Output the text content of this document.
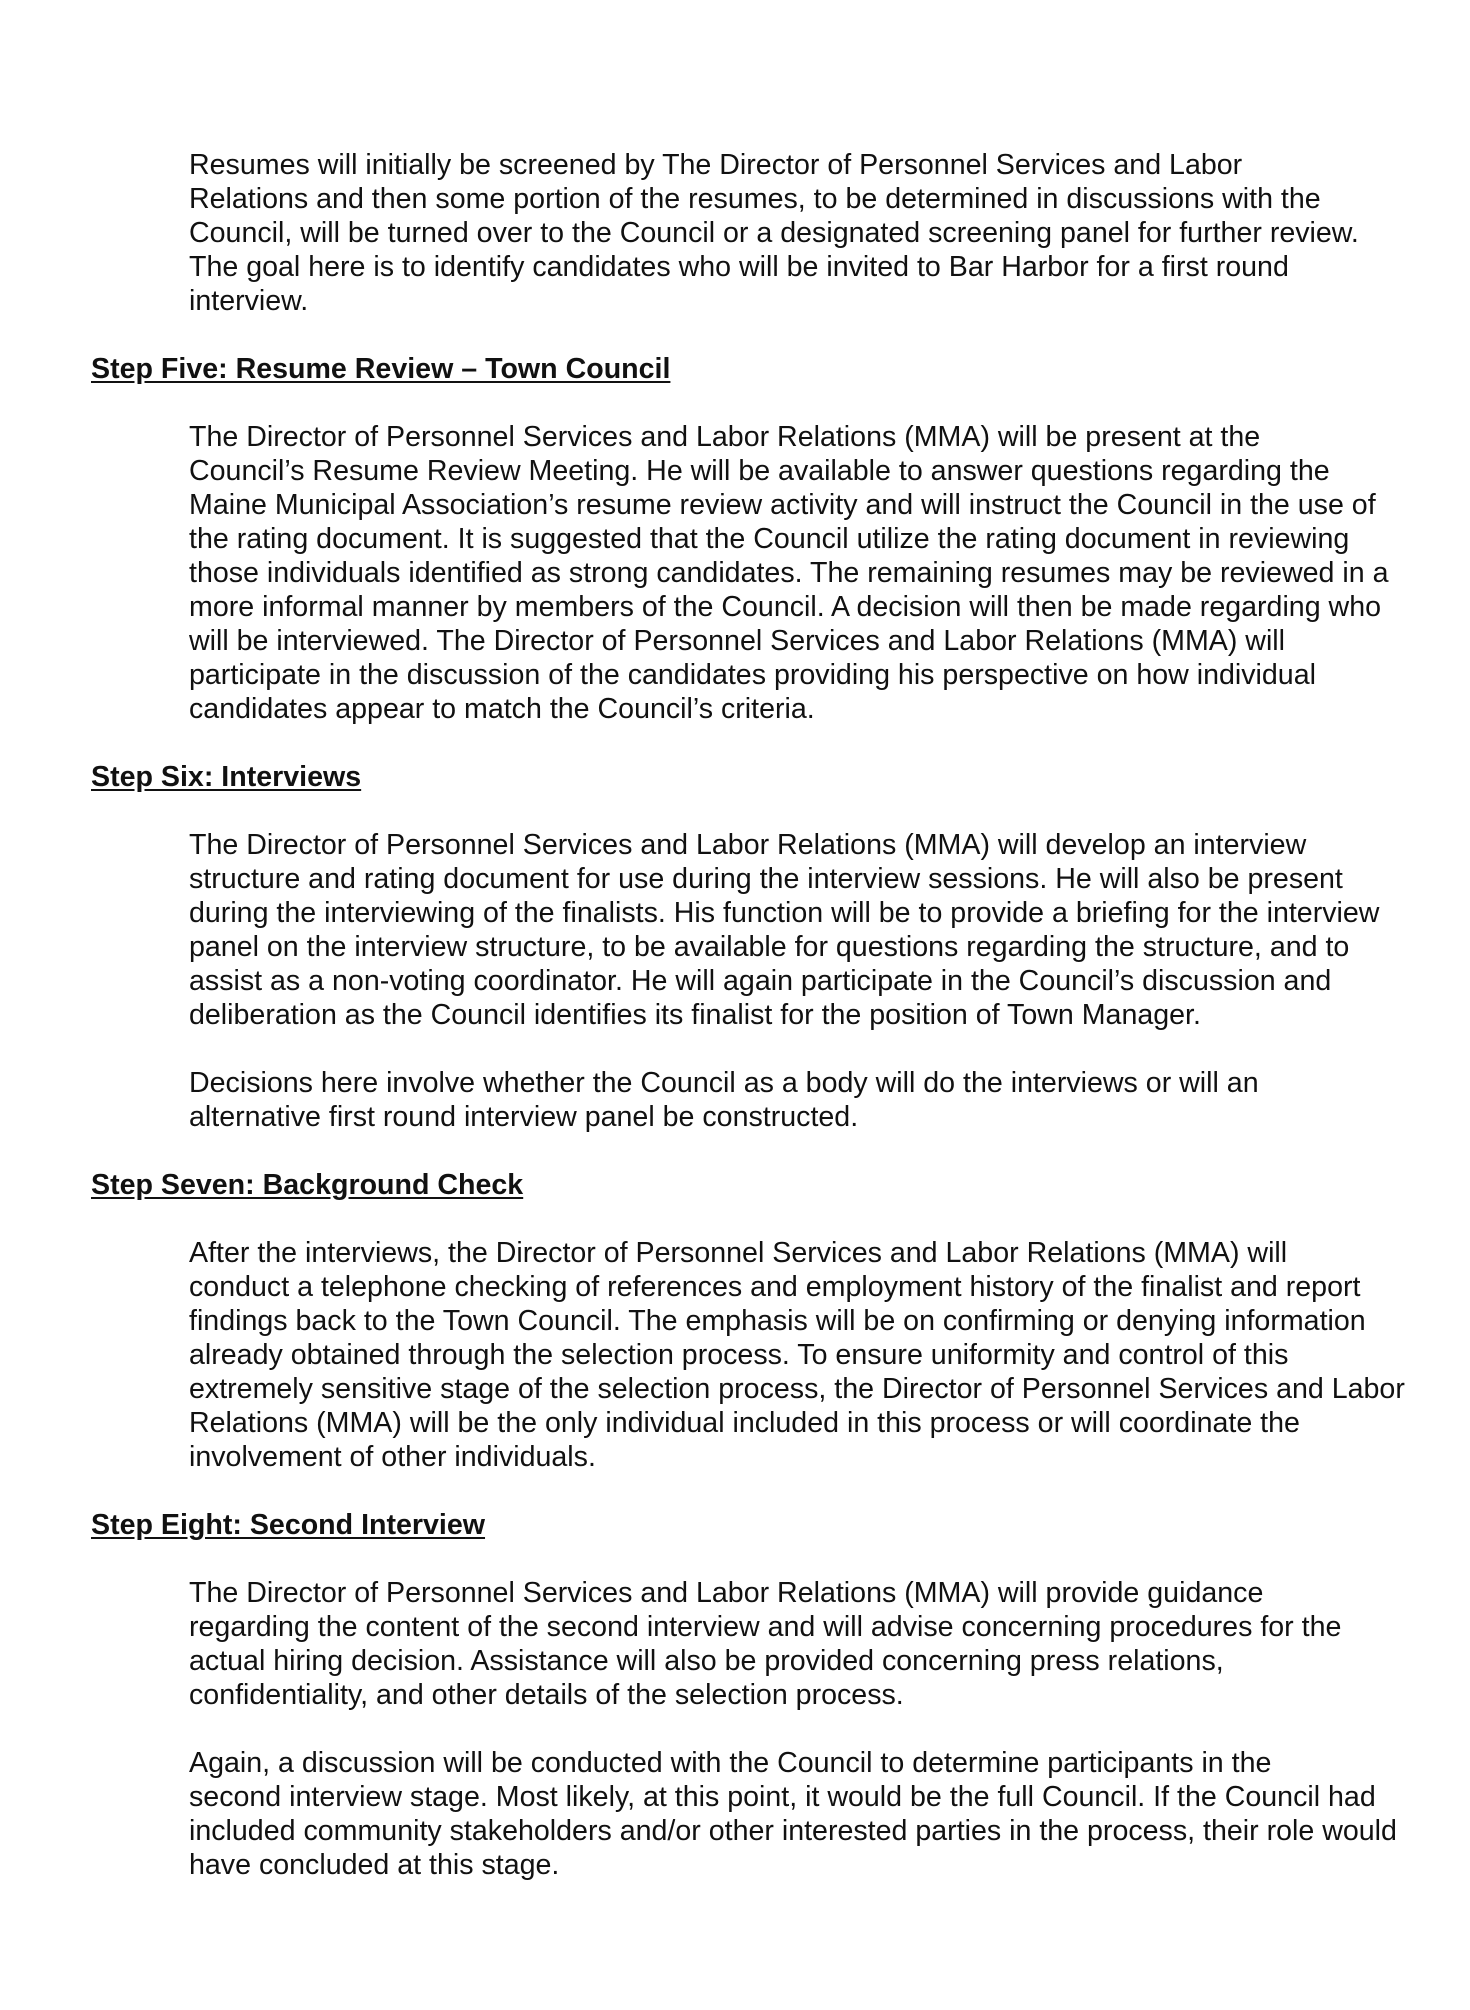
Resumes will initially be screened by The Director of Personnel Services and Labor
Relations and then some portion of the resumes, to be determined in discussions with the
Council, will be turned over to the Council or a designated screening panel for further review.
The goal here is to identify candidates who will be invited to Bar Harbor for a first round
interview.

Step Five: Resume Review – Town Council

The Director of Personnel Services and Labor Relations (MMA) will be present at the
Council’s Resume Review Meeting. He will be available to answer questions regarding the
Maine Municipal Association’s resume review activity and will instruct the Council in the use of
the rating document. It is suggested that the Council utilize the rating document in reviewing
those individuals identified as strong candidates. The remaining resumes may be reviewed in a
more informal manner by members of the Council. A decision will then be made regarding who
will be interviewed. The Director of Personnel Services and Labor Relations (MMA) will
participate in the discussion of the candidates providing his perspective on how individual
candidates appear to match the Council’s criteria.

Step Six: Interviews

The Director of Personnel Services and Labor Relations (MMA) will develop an interview
structure and rating document for use during the interview sessions. He will also be present
during the interviewing of the finalists. His function will be to provide a briefing for the interview
panel on the interview structure, to be available for questions regarding the structure, and to
assist as a non-voting coordinator. He will again participate in the Council’s discussion and
deliberation as the Council identifies its finalist for the position of Town Manager.

Decisions here involve whether the Council as a body will do the interviews or will an
alternative first round interview panel be constructed.

Step Seven: Background Check

After the interviews, the Director of Personnel Services and Labor Relations (MMA) will
conduct a telephone checking of references and employment history of the finalist and report
findings back to the Town Council. The emphasis will be on confirming or denying information
already obtained through the selection process. To ensure uniformity and control of this
extremely sensitive stage of the selection process, the Director of Personnel Services and Labor
Relations (MMA) will be the only individual included in this process or will coordinate the
involvement of other individuals.

Step Eight: Second Interview

The Director of Personnel Services and Labor Relations (MMA) will provide guidance
regarding the content of the second interview and will advise concerning procedures for the
actual hiring decision. Assistance will also be provided concerning press relations,
confidentiality, and other details of the selection process.

Again, a discussion will be conducted with the Council to determine participants in the
second interview stage. Most likely, at this point, it would be the full Council. If the Council had
included community stakeholders and/or other interested parties in the process, their role would
have concluded at this stage.
